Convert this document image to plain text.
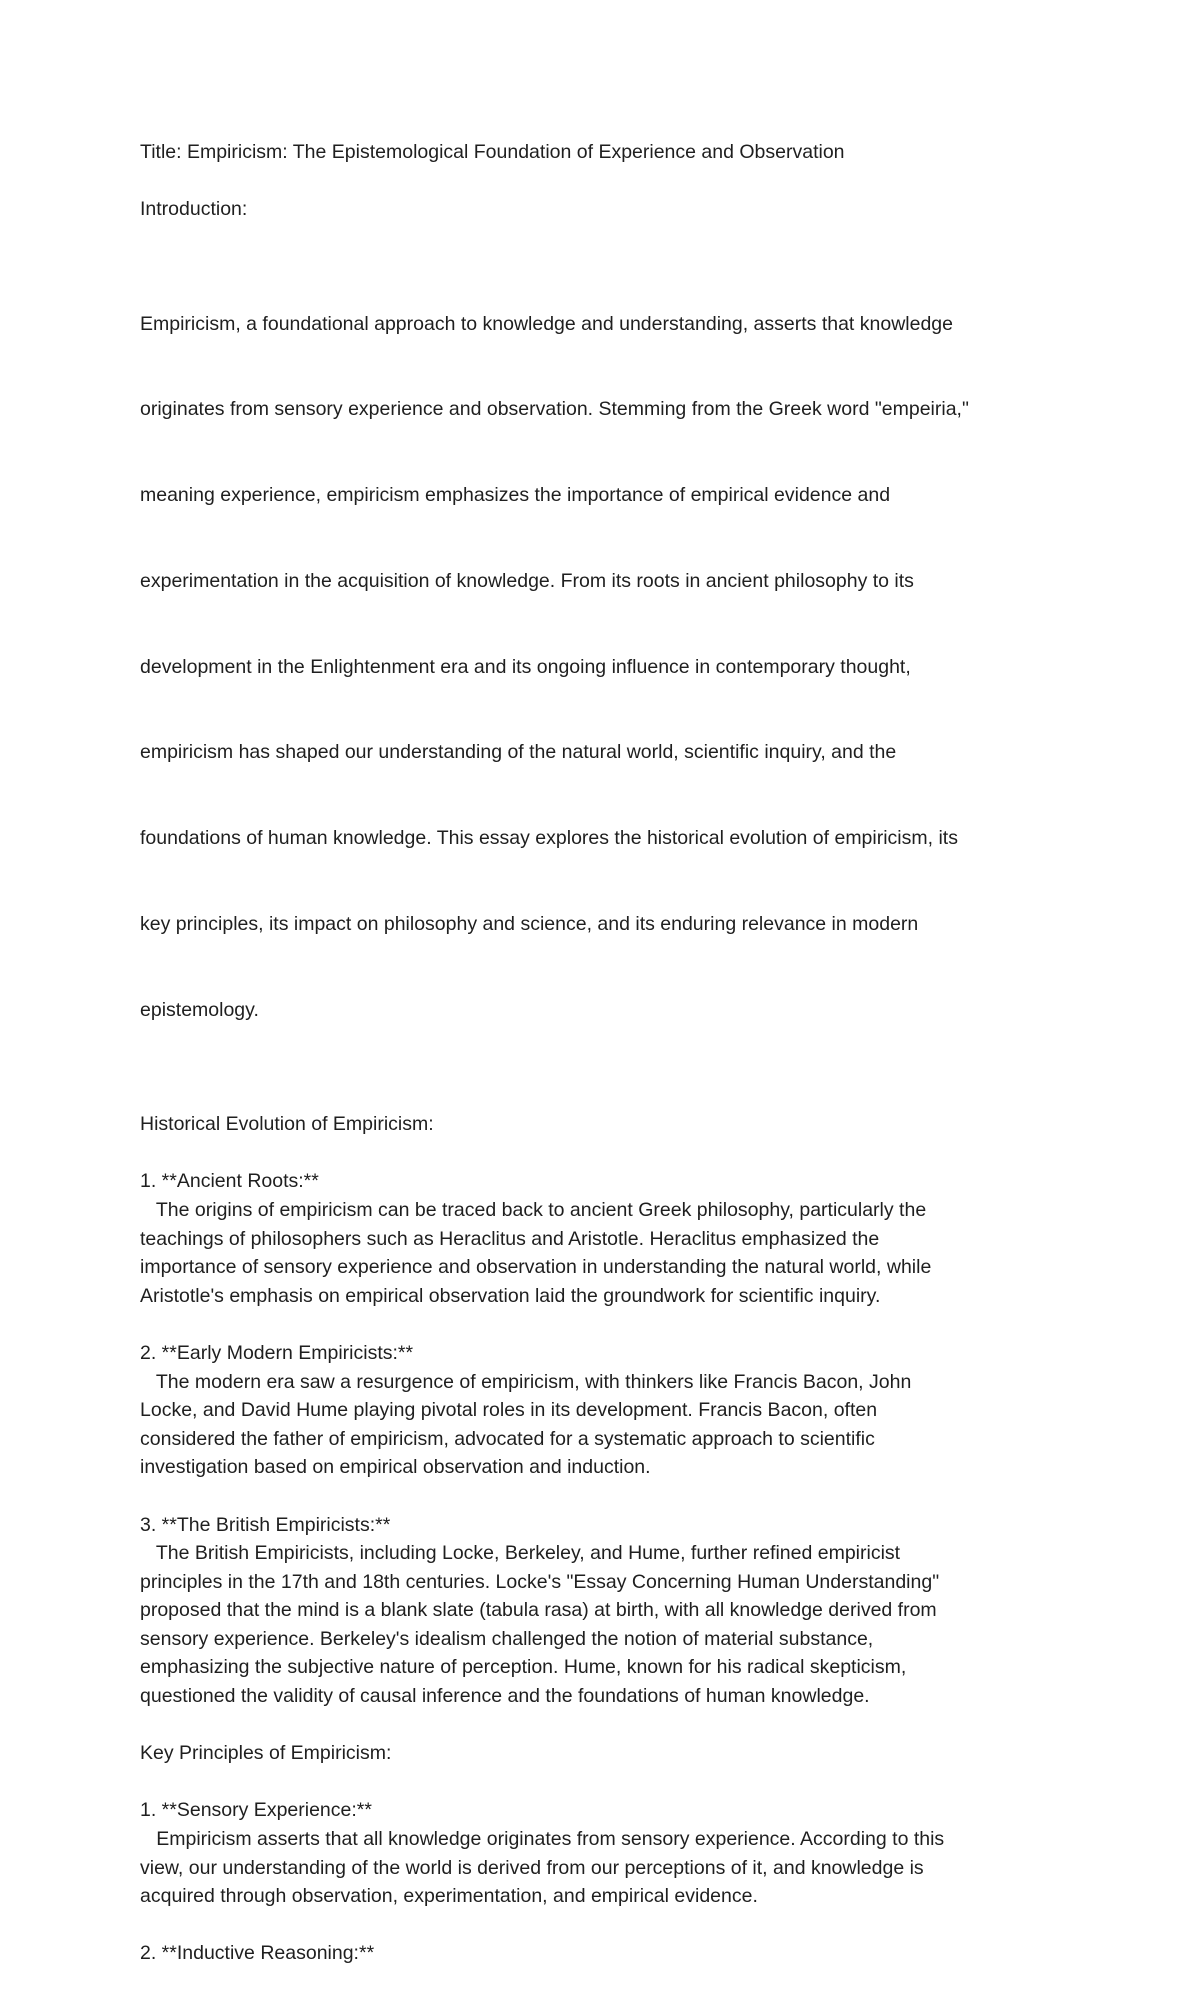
Title: Empiricism: The Epistemological Foundation of Experience and Observation

Introduction:

Empiricism, a foundational approach to knowledge and understanding, asserts that knowledge

originates from sensory experience and observation. Stemming from the Greek word "empeiria,"

meaning experience, empiricism emphasizes the importance of empirical evidence and

experimentation in the acquisition of knowledge. From its roots in ancient philosophy to its

development in the Enlightenment era and its ongoing influence in contemporary thought,

empiricism has shaped our understanding of the natural world, scientific inquiry, and the

foundations of human knowledge. This essay explores the historical evolution of empiricism, its

key principles, its impact on philosophy and science, and its enduring relevance in modern

epistemology.

Historical Evolution of Empiricism:

1. **Ancient Roots:**
The origins of empiricism can be traced back to ancient Greek philosophy, particularly the
teachings of philosophers such as Heraclitus and Aristotle. Heraclitus emphasized the
importance of sensory experience and observation in understanding the natural world, while
Aristotle's emphasis on empirical observation laid the groundwork for scientific inquiry.
2. **Early Modern Empiricists:**
The modern era saw a resurgence of empiricism, with thinkers like Francis Bacon, John
Locke, and David Hume playing pivotal roles in its development. Francis Bacon, often
considered the father of empiricism, advocated for a systematic approach to scientific
investigation based on empirical observation and induction.
3. **The British Empiricists:**
The British Empiricists, including Locke, Berkeley, and Hume, further refined empiricist
principles in the 17th and 18th centuries. Locke's "Essay Concerning Human Understanding"
proposed that the mind is a blank slate (tabula rasa) at birth, with all knowledge derived from
sensory experience. Berkeley's idealism challenged the notion of material substance,
emphasizing the subjective nature of perception. Hume, known for his radical skepticism,
questioned the validity of causal inference and the foundations of human knowledge.

Key Principles of Empiricism:

1. **Sensory Experience:**
Empiricism asserts that all knowledge originates from sensory experience. According to this
view, our understanding of the world is derived from our perceptions of it, and knowledge is
acquired through observation, experimentation, and empirical evidence.
2. **Inductive Reasoning:**
